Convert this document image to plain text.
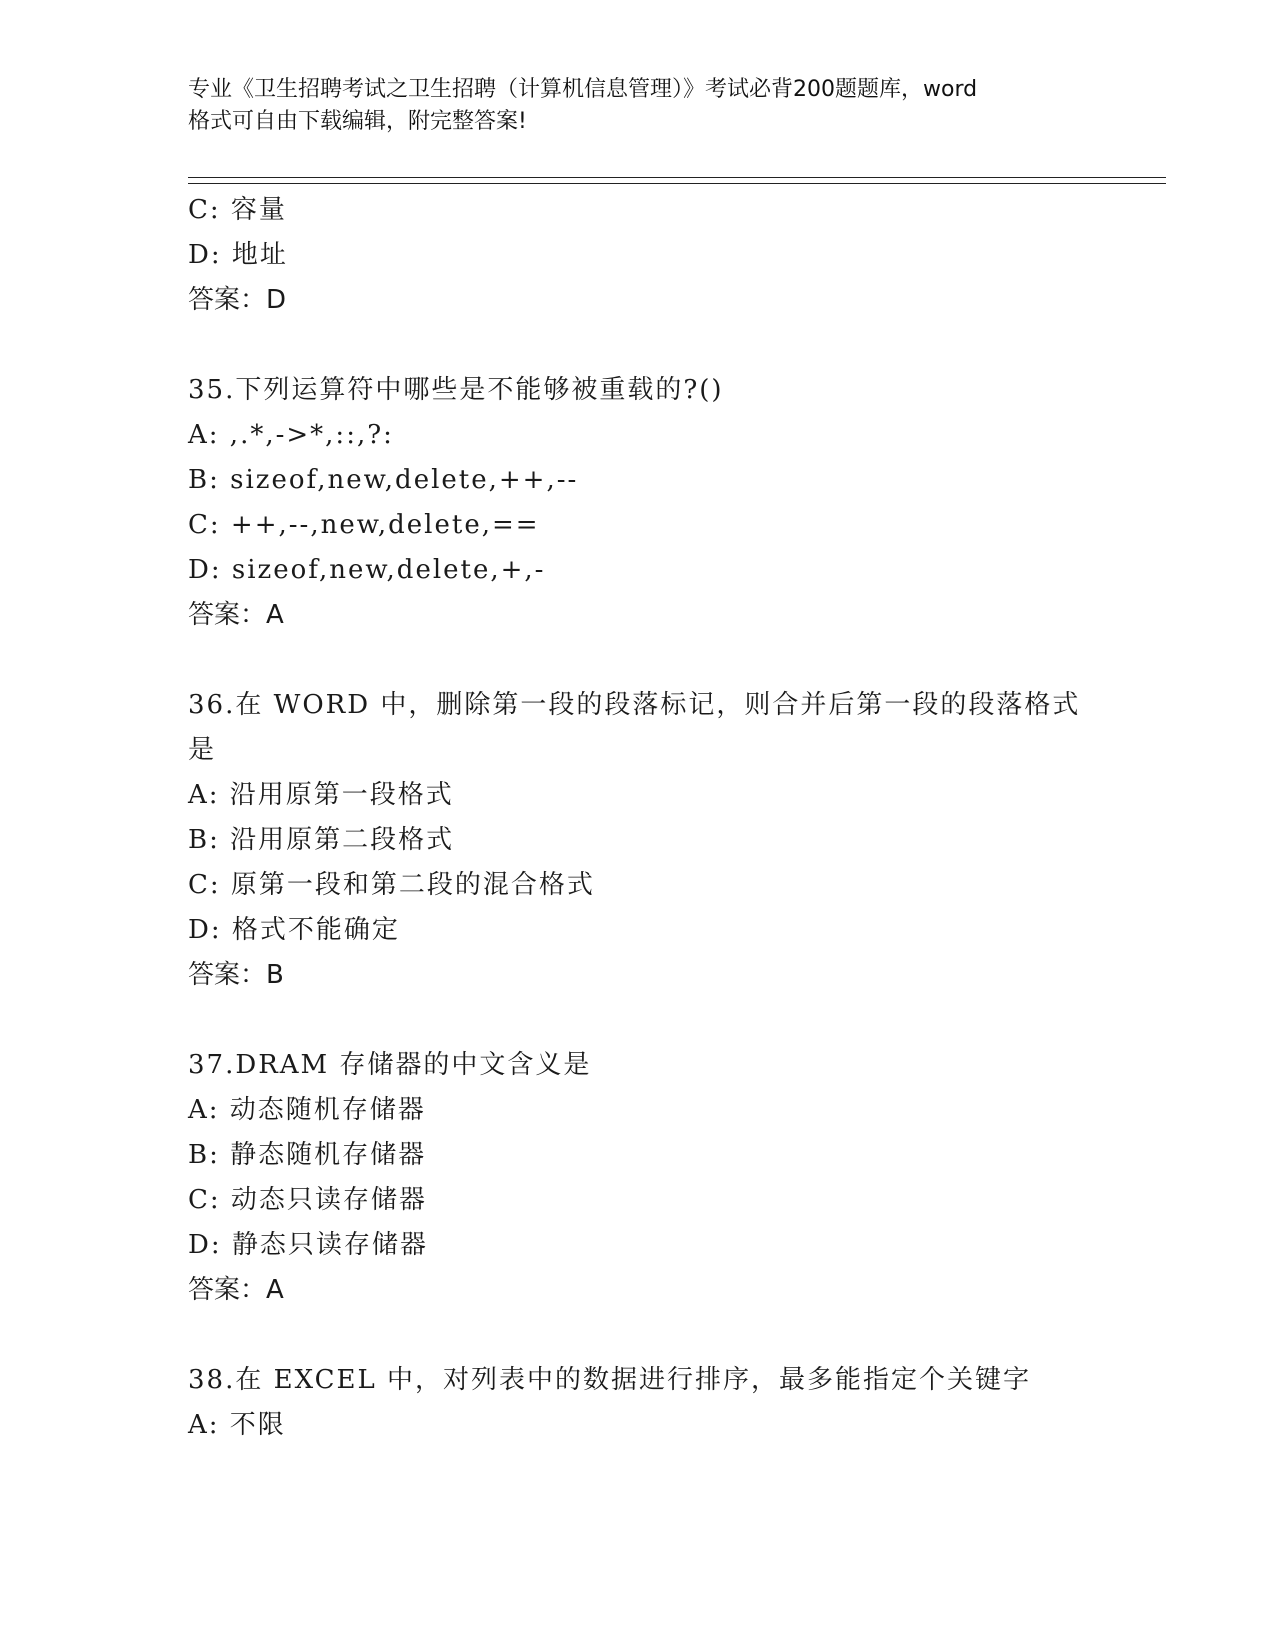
专业《卫生招聘考试之卫生招聘（计算机信息管理）》考试必背200题题库，word
格式可自由下载编辑，附完整答案!

C: 容量

D: 地址

答案：D

35.下列运算符中哪些是不能够被重载的?()

A: ,.*,->*,::,?:

B: sizeof,new,delete,++,--

C: ++,--,new,delete,==

D: sizeof,new,delete,+,-

答案：A

36.在 WORD 中，删除第一段的段落标记，则合并后第一段的段落格式

是

A: 沿用原第一段格式

B: 沿用原第二段格式

C: 原第一段和第二段的混合格式

D: 格式不能确定

答案：B

37.DRAM 存储器的中文含义是

A: 动态随机存储器

B: 静态随机存储器

C: 动态只读存储器

D: 静态只读存储器

答案：A

38.在 EXCEL 中，对列表中的数据进行排序，最多能指定个关键字

A: 不限
